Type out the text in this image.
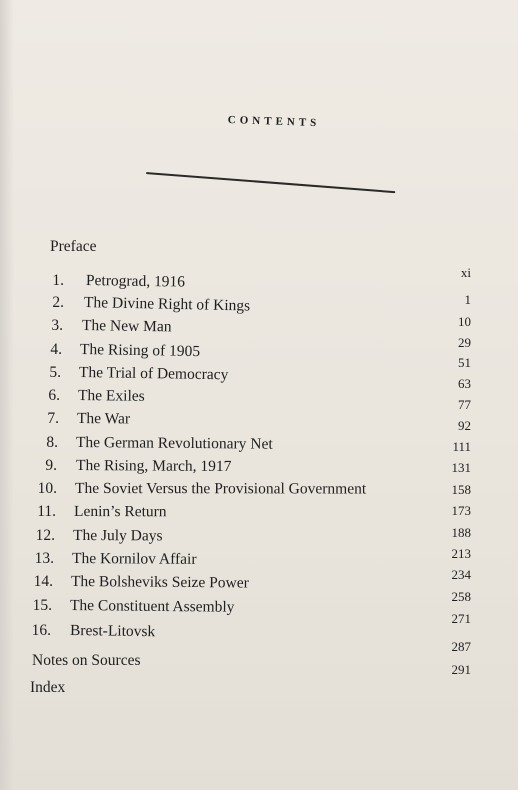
CONTENTS
Preface
1. Petrograd, 1916
2. The Divine Right of Kings
3. The New Man
4. The Rising of 1905
5. The Trial of Democracy
6. The Exiles
7. The War
8. The German Revolutionary Net
9. The Rising, March, 1917
10. The Soviet Versus the Provisional Government
11. Lenin’s Return
12. The July Days
13. The Kornilov Affair
14. The Bolsheviks Seize Power
15. The Constituent Assembly
16. Brest-Litovsk
Notes on Sources
Index
xi
1
10
29
51
63
77
92
111
131
158
173
188
213
234
258
271
287
291
